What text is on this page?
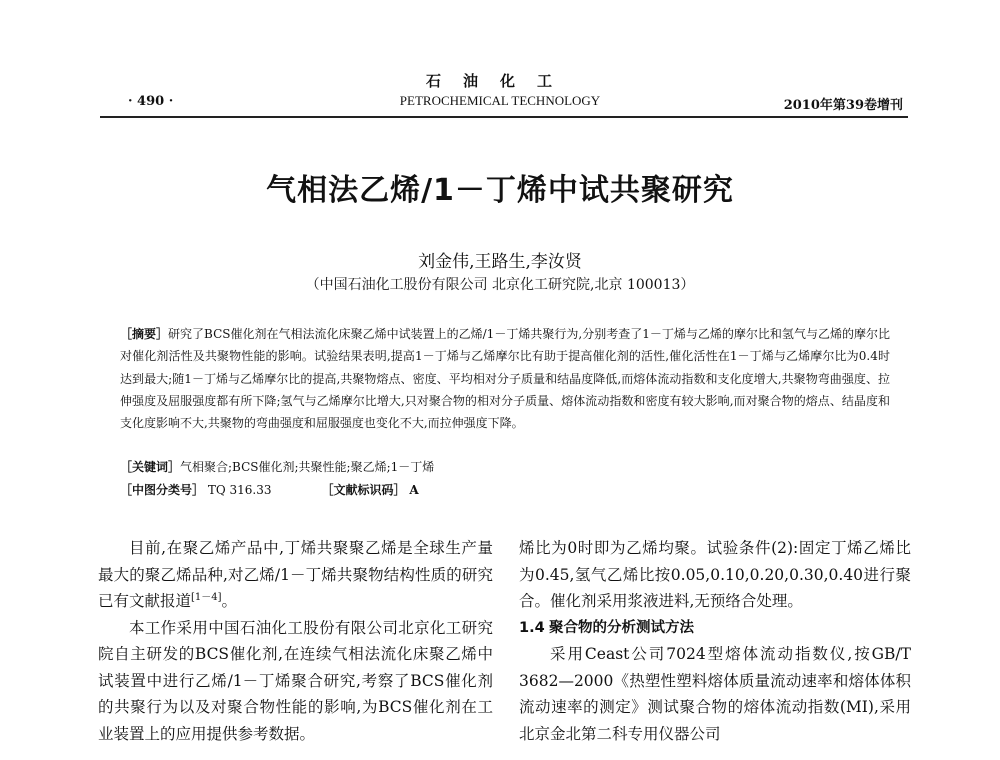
石油化工
· 490 ·	PETROCHEMICAL TECHNOLOGY	2010年第39卷增刊
气相法乙烯/1－丁烯中试共聚研究
刘金伟,王路生,李汝贤
（中国石油化工股份有限公司 北京化工研究院,北京 100013）
［摘要］研究了BCS催化剂在气相法流化床聚乙烯中试装置上的乙烯/1－丁烯共聚行为,分别考查了1－丁烯与乙烯的摩尔比和氢气与乙烯的摩尔比对催化剂活性及共聚物性能的影响。试验结果表明,提高1－丁烯与乙烯摩尔比有助于提高催化剂的活性,催化活性在1－丁烯与乙烯摩尔比为0.4时达到最大;随1－丁烯与乙烯摩尔比的提高,共聚物熔点、密度、平均相对分子质量和结晶度降低,而熔体流动指数和支化度增大,共聚物弯曲强度、拉伸强度及屈服强度都有所下降;氢气与乙烯摩尔比增大,只对聚合物的相对分子质量、熔体流动指数和密度有较大影响,而对聚合物的熔点、结晶度和支化度影响不大,共聚物的弯曲强度和屈服强度也变化不大,而拉伸强度下降。
［关键词］气相聚合;BCS催化剂;共聚性能;聚乙烯;1－丁烯
［中图分类号］ TQ 316.33	［文献标识码］ A

目前,在聚乙烯产品中,丁烯共聚聚乙烯是全球生产量最大的聚乙烯品种,对乙烯/1－丁烯共聚物结构性质的研究已有文献报道[1－4]。

本工作采用中国石油化工股份有限公司北京化工研究院自主研发的BCS催化剂,在连续气相法流化床聚乙烯中试装置中进行乙烯/1－丁烯聚合研究,考察了BCS催化剂的共聚行为以及对聚合物性能的影响,为BCS催化剂在工业装置上的应用提供参考数据。

烯比为0时即为乙烯均聚。试验条件(2):固定丁烯乙烯比为0.45,氢气乙烯比按0.05,0.10,0.20,0.30,0.40进行聚合。催化剂采用浆液进料,无预络合处理。

1.4 聚合物的分析测试方法

采用Ceast公司7024型熔体流动指数仪,按GB/T 3682—2000《热塑性塑料熔体质量流动速率和熔体体积流动速率的测定》测试聚合物的熔体流动指数(MI),采用北京金北第二科专用仪器公司
